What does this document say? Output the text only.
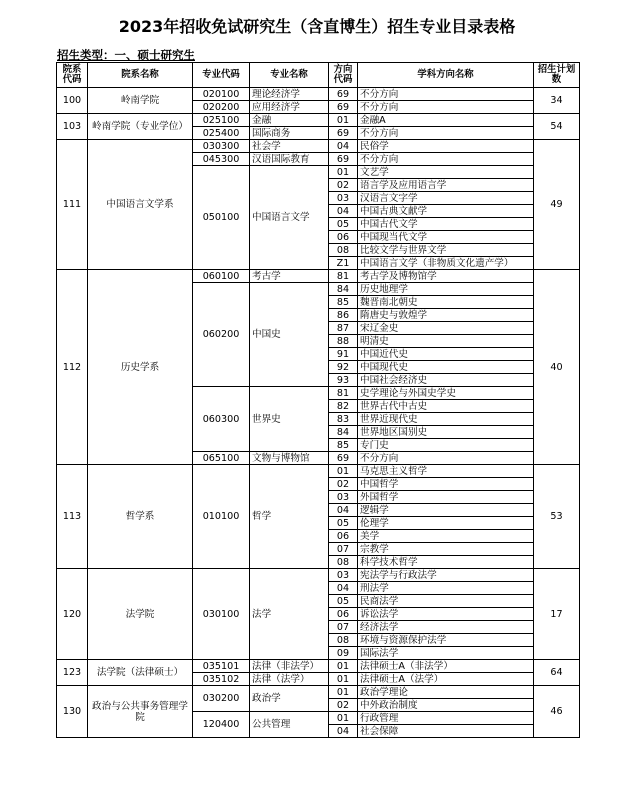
2023年招收免试研究生（含直博生）招生专业目录表格
招生类型：一、硕士研究生
院系代码	院系名称	专业代码	专业名称	方向代码	学科方向名称	招生计划数
100	岭南学院	020100	理论经济学	69	不分方向	34
		020200	应用经济学	69	不分方向	
103	岭南学院（专业学位）	025100	金融	01	金融A	54
		025400	国际商务	69	不分方向	
111	中国语言文学系	030300	社会学	04	民俗学	49
		045300	汉语国际教育	69	不分方向	
		050100	中国语言文学	01	文艺学	
				02	语言学及应用语言学	
				03	汉语言文字学	
				04	中国古典文献学	
				05	中国古代文学	
				06	中国现当代文学	
				08	比较文学与世界文学	
				Z1	中国语言文学（非物质文化遗产学）	
112	历史学系	060100	考古学	81	考古学及博物馆学	40
		060200	中国史	84	历史地理学	
				85	魏晋南北朝史	
				86	隋唐史与敦煌学	
				87	宋辽金史	
				88	明清史	
				91	中国近代史	
				92	中国现代史	
				93	中国社会经济史	
		060300	世界史	81	史学理论与外国史学史	
				82	世界古代中古史	
				83	世界近现代史	
				84	世界地区国别史	
				85	专门史	
		065100	文物与博物馆	69	不分方向	
113	哲学系	010100	哲学	01	马克思主义哲学	53
				02	中国哲学	
				03	外国哲学	
				04	逻辑学	
				05	伦理学	
				06	美学	
				07	宗教学	
				08	科学技术哲学	
120	法学院	030100	法学	03	宪法学与行政法学	17
				04	刑法学	
				05	民商法学	
				06	诉讼法学	
				07	经济法学	
				08	环境与资源保护法学	
				09	国际法学	
123	法学院（法律硕士）	035101	法律（非法学）	01	法律硕士A（非法学）	64
		035102	法律（法学）	01	法律硕士A（法学）	
130	政治与公共事务管理学院	030200	政治学	01	政治学理论	46
				02	中外政治制度	
		120400	公共管理	01	行政管理	
				04	社会保障	
